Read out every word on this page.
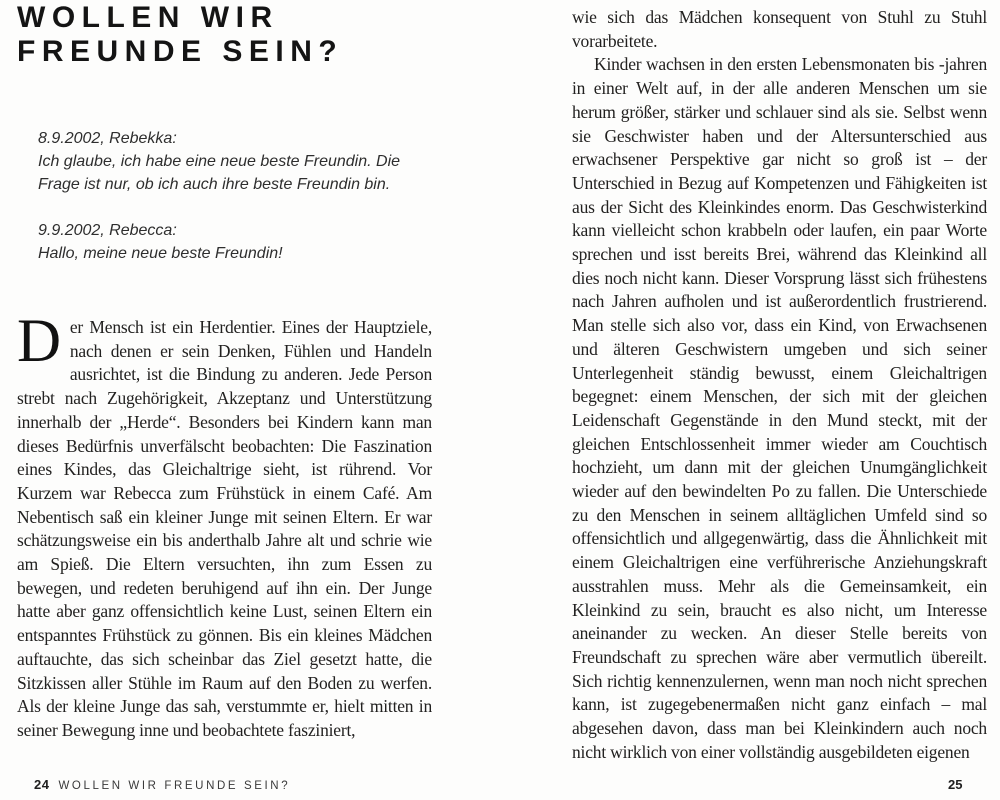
WOLLEN WIR
FREUNDE SEIN?

8.9.2002, Rebekka:

Ich glaube, ich habe eine neue beste Freundin. Die Frage ist nur, ob ich auch ihre beste Freundin bin.

9.9.2002, Rebecca:

Hallo, meine neue beste Freundin!

Der Mensch ist ein Herdentier. Eines der Hauptziele, nach denen er sein Denken, Fühlen und Handeln ausrichtet, ist die Bindung zu anderen. Jede Person strebt nach Zugehörigkeit, Akzeptanz und Unterstützung innerhalb der „Herde“. Besonders bei Kindern kann man dieses Bedürfnis unverfälscht beobachten: Die Faszination eines Kindes, das Gleichaltrige sieht, ist rührend. Vor Kurzem war Rebecca zum Frühstück in einem Café. Am Nebentisch saß ein kleiner Junge mit seinen Eltern. Er war schätzungsweise ein bis anderthalb Jahre alt und schrie wie am Spieß. Die Eltern versuchten, ihn zum Essen zu bewegen, und redeten beruhigend auf ihn ein. Der Junge hatte aber ganz offensichtlich keine Lust, seinen Eltern ein entspanntes Frühstück zu gönnen. Bis ein kleines Mädchen auftauchte, das sich scheinbar das Ziel gesetzt hatte, die Sitzkissen aller Stühle im Raum auf den Boden zu werfen. Als der kleine Junge das sah, verstummte er, hielt mitten in seiner Bewegung inne und beobachtete fasziniert,

24 WOLLEN WIR FREUNDE SEIN?

wie sich das Mädchen konsequent von Stuhl zu Stuhl vorarbeitete.

Kinder wachsen in den ersten Lebensmonaten bis -jahren in einer Welt auf, in der alle anderen Menschen um sie herum größer, stärker und schlauer sind als sie. Selbst wenn sie Geschwister haben und der Altersunterschied aus erwachsener Perspektive gar nicht so groß ist – der Unterschied in Bezug auf Kompetenzen und Fähigkeiten ist aus der Sicht des Kleinkindes enorm. Das Geschwisterkind kann vielleicht schon krabbeln oder laufen, ein paar Worte sprechen und isst bereits Brei, während das Kleinkind all dies noch nicht kann. Dieser Vorsprung lässt sich frühestens nach Jahren aufholen und ist außerordentlich frustrierend. Man stelle sich also vor, dass ein Kind, von Erwachsenen und älteren Geschwistern umgeben und sich seiner Unterlegenheit ständig bewusst, einem Gleichaltrigen begegnet: einem Menschen, der sich mit der gleichen Leidenschaft Gegenstände in den Mund steckt, mit der gleichen Entschlossenheit immer wieder am Couchtisch hochzieht, um dann mit der gleichen Unumgänglichkeit wieder auf den bewindelten Po zu fallen. Die Unterschiede zu den Menschen in seinem alltäglichen Umfeld sind so offensichtlich und allgegenwärtig, dass die Ähnlichkeit mit einem Gleichaltrigen eine verführerische Anziehungskraft ausstrahlen muss. Mehr als die Gemeinsamkeit, ein Kleinkind zu sein, braucht es also nicht, um Interesse aneinander zu wecken. An dieser Stelle bereits von Freundschaft zu sprechen wäre aber vermutlich übereilt. Sich richtig kennenzulernen, wenn man noch nicht sprechen kann, ist zugegebenermaßen nicht ganz einfach – mal abgesehen davon, dass man bei Kleinkindern auch noch nicht wirklich von einer vollständig ausgebildeten eigenen

25
